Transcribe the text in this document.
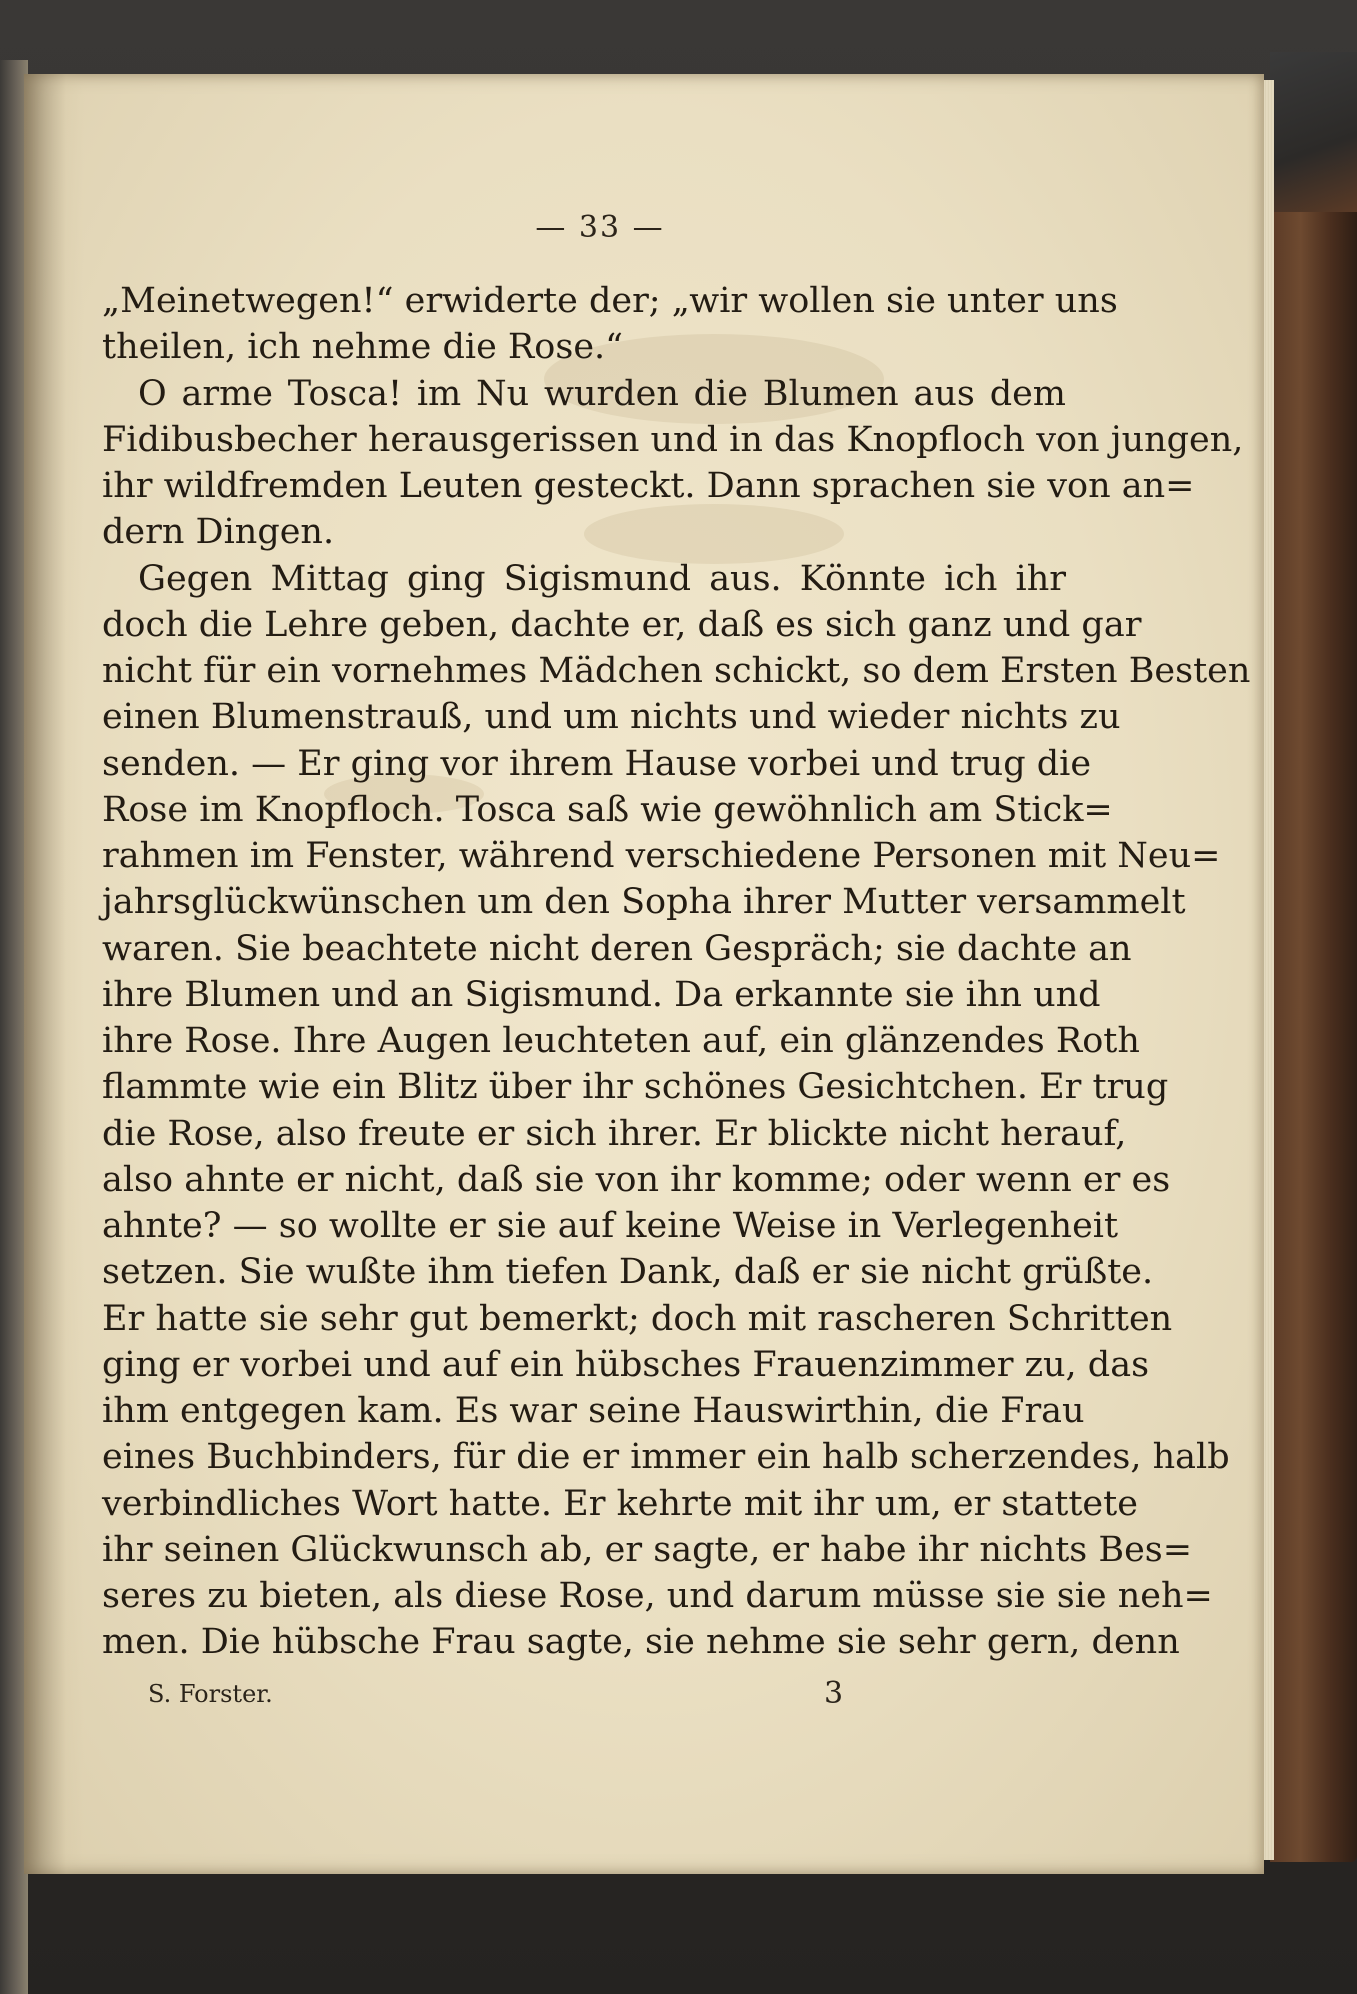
— 33 —
„Meinetwegen!“ erwiderte der; „wir wollen sie unter uns
theilen, ich nehme die Rose.“
O arme Tosca! im Nu wurden die Blumen aus dem
Fidibusbecher herausgerissen und in das Knopfloch von jungen,
ihr wildfremden Leuten gesteckt. Dann sprachen sie von an=
dern Dingen.
Gegen Mittag ging Sigismund aus. Könnte ich ihr
doch die Lehre geben, dachte er, daß es sich ganz und gar
nicht für ein vornehmes Mädchen schickt, so dem Ersten Besten
einen Blumenstrauß, und um nichts und wieder nichts zu
senden. — Er ging vor ihrem Hause vorbei und trug die
Rose im Knopfloch. Tosca saß wie gewöhnlich am Stick=
rahmen im Fenster, während verschiedene Personen mit Neu=
jahrsglückwünschen um den Sopha ihrer Mutter versammelt
waren. Sie beachtete nicht deren Gespräch; sie dachte an
ihre Blumen und an Sigismund. Da erkannte sie ihn und
ihre Rose. Ihre Augen leuchteten auf, ein glänzendes Roth
flammte wie ein Blitz über ihr schönes Gesichtchen. Er trug
die Rose, also freute er sich ihrer. Er blickte nicht herauf,
also ahnte er nicht, daß sie von ihr komme; oder wenn er es
ahnte? — so wollte er sie auf keine Weise in Verlegenheit
setzen. Sie wußte ihm tiefen Dank, daß er sie nicht grüßte.
Er hatte sie sehr gut bemerkt; doch mit rascheren Schritten
ging er vorbei und auf ein hübsches Frauenzimmer zu, das
ihm entgegen kam. Es war seine Hauswirthin, die Frau
eines Buchbinders, für die er immer ein halb scherzendes, halb
verbindliches Wort hatte. Er kehrte mit ihr um, er stattete
ihr seinen Glückwunsch ab, er sagte, er habe ihr nichts Bes=
seres zu bieten, als diese Rose, und darum müsse sie sie neh=
men. Die hübsche Frau sagte, sie nehme sie sehr gern, denn
S. Forster.	3
